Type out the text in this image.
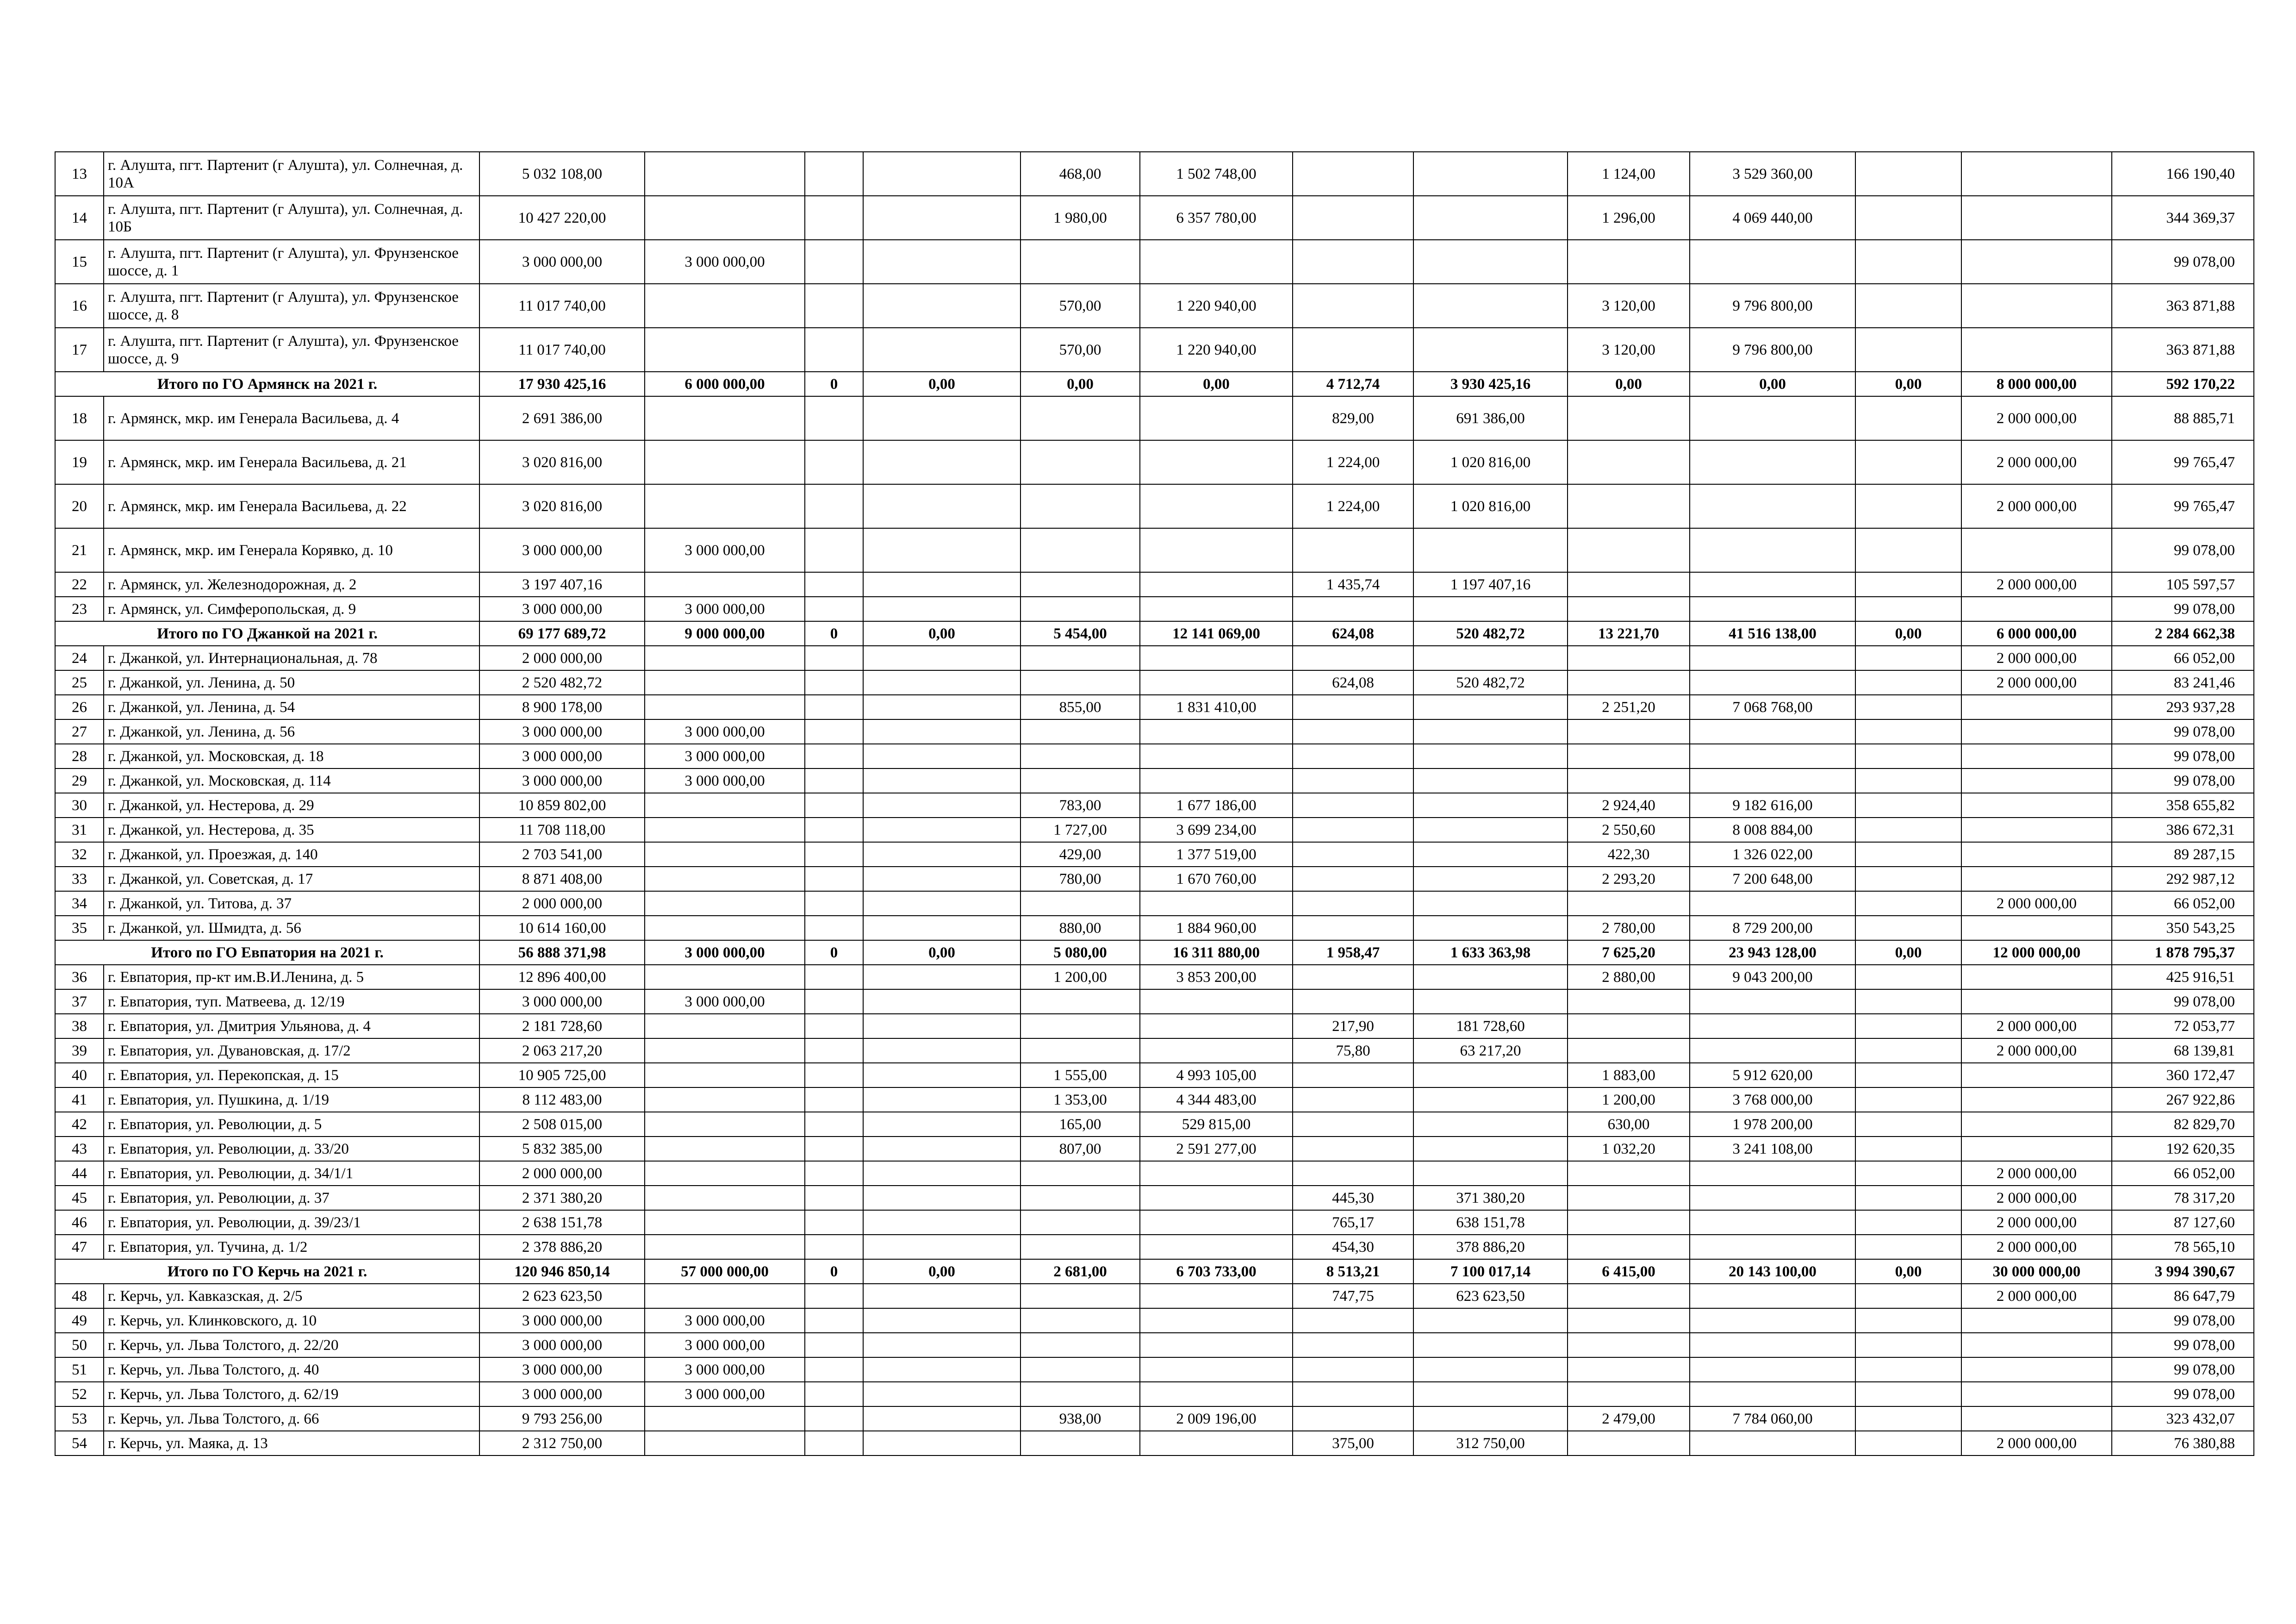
13	г. Алушта, пгт. Партенит (г Алушта), ул. Солнечная, д. 10А	5 032 108,00				468,00	1 502 748,00			1 124,00	3 529 360,00			166 190,40
14	г. Алушта, пгт. Партенит (г Алушта), ул. Солнечная, д. 10Б	10 427 220,00				1 980,00	6 357 780,00			1 296,00	4 069 440,00			344 369,37
15	г. Алушта, пгт. Партенит (г Алушта), ул. Фрунзенское шоссе, д. 1	3 000 000,00	3 000 000,00											99 078,00
16	г. Алушта, пгт. Партенит (г Алушта), ул. Фрунзенское шоссе, д. 8	11 017 740,00				570,00	1 220 940,00			3 120,00	9 796 800,00			363 871,88
17	г. Алушта, пгт. Партенит (г Алушта), ул. Фрунзенское шоссе, д. 9	11 017 740,00				570,00	1 220 940,00			3 120,00	9 796 800,00			363 871,88
Итого по ГО Армянск на 2021 г.		17 930 425,16	6 000 000,00	0	0,00	0,00	0,00	4 712,74	3 930 425,16	0,00	0,00	0,00	8 000 000,00	592 170,22
18	г. Армянск, мкр. им Генерала Васильева, д. 4	2 691 386,00						829,00	691 386,00				2 000 000,00	88 885,71
19	г. Армянск, мкр. им Генерала Васильева, д. 21	3 020 816,00						1 224,00	1 020 816,00				2 000 000,00	99 765,47
20	г. Армянск, мкр. им Генерала Васильева, д. 22	3 020 816,00						1 224,00	1 020 816,00				2 000 000,00	99 765,47
21	г. Армянск, мкр. им Генерала Корявко, д. 10	3 000 000,00	3 000 000,00											99 078,00
22	г. Армянск, ул. Железнодорожная, д. 2	3 197 407,16						1 435,74	1 197 407,16				2 000 000,00	105 597,57
23	г. Армянск, ул. Симферопольская, д. 9	3 000 000,00	3 000 000,00											99 078,00
Итого по ГО Джанкой на 2021 г.		69 177 689,72	9 000 000,00	0	0,00	5 454,00	12 141 069,00	624,08	520 482,72	13 221,70	41 516 138,00	0,00	6 000 000,00	2 284 662,38
24	г. Джанкой, ул. Интернациональная, д. 78	2 000 000,00											2 000 000,00	66 052,00
25	г. Джанкой, ул. Ленина, д. 50	2 520 482,72						624,08	520 482,72				2 000 000,00	83 241,46
26	г. Джанкой, ул. Ленина, д. 54	8 900 178,00				855,00	1 831 410,00			2 251,20	7 068 768,00			293 937,28
27	г. Джанкой, ул. Ленина, д. 56	3 000 000,00	3 000 000,00											99 078,00
28	г. Джанкой, ул. Московская, д. 18	3 000 000,00	3 000 000,00											99 078,00
29	г. Джанкой, ул. Московская, д. 114	3 000 000,00	3 000 000,00											99 078,00
30	г. Джанкой, ул. Нестерова, д. 29	10 859 802,00				783,00	1 677 186,00			2 924,40	9 182 616,00			358 655,82
31	г. Джанкой, ул. Нестерова, д. 35	11 708 118,00				1 727,00	3 699 234,00			2 550,60	8 008 884,00			386 672,31
32	г. Джанкой, ул. Проезжая, д. 140	2 703 541,00				429,00	1 377 519,00			422,30	1 326 022,00			89 287,15
33	г. Джанкой, ул. Советская, д. 17	8 871 408,00				780,00	1 670 760,00			2 293,20	7 200 648,00			292 987,12
34	г. Джанкой, ул. Титова, д. 37	2 000 000,00											2 000 000,00	66 052,00
35	г. Джанкой, ул. Шмидта, д. 56	10 614 160,00				880,00	1 884 960,00			2 780,00	8 729 200,00			350 543,25
Итого по ГО Евпатория на 2021 г.		56 888 371,98	3 000 000,00	0	0,00	5 080,00	16 311 880,00	1 958,47	1 633 363,98	7 625,20	23 943 128,00	0,00	12 000 000,00	1 878 795,37
36	г. Евпатория, пр-кт им.В.И.Ленина, д. 5	12 896 400,00				1 200,00	3 853 200,00			2 880,00	9 043 200,00			425 916,51
37	г. Евпатория, туп. Матвеева, д. 12/19	3 000 000,00	3 000 000,00											99 078,00
38	г. Евпатория, ул. Дмитрия Ульянова, д. 4	2 181 728,60						217,90	181 728,60				2 000 000,00	72 053,77
39	г. Евпатория, ул. Дувановская, д. 17/2	2 063 217,20						75,80	63 217,20				2 000 000,00	68 139,81
40	г. Евпатория, ул. Перекопская, д. 15	10 905 725,00				1 555,00	4 993 105,00			1 883,00	5 912 620,00			360 172,47
41	г. Евпатория, ул. Пушкина, д. 1/19	8 112 483,00				1 353,00	4 344 483,00			1 200,00	3 768 000,00			267 922,86
42	г. Евпатория, ул. Революции, д. 5	2 508 015,00				165,00	529 815,00			630,00	1 978 200,00			82 829,70
43	г. Евпатория, ул. Революции, д. 33/20	5 832 385,00				807,00	2 591 277,00			1 032,20	3 241 108,00			192 620,35
44	г. Евпатория, ул. Революции, д. 34/1/1	2 000 000,00											2 000 000,00	66 052,00
45	г. Евпатория, ул. Революции, д. 37	2 371 380,20						445,30	371 380,20				2 000 000,00	78 317,20
46	г. Евпатория, ул. Революции, д. 39/23/1	2 638 151,78						765,17	638 151,78				2 000 000,00	87 127,60
47	г. Евпатория, ул. Тучина, д. 1/2	2 378 886,20						454,30	378 886,20				2 000 000,00	78 565,10
Итого по ГО Керчь на 2021 г.		120 946 850,14	57 000 000,00	0	0,00	2 681,00	6 703 733,00	8 513,21	7 100 017,14	6 415,00	20 143 100,00	0,00	30 000 000,00	3 994 390,67
48	г. Керчь, ул. Кавказская, д. 2/5	2 623 623,50						747,75	623 623,50				2 000 000,00	86 647,79
49	г. Керчь, ул. Клинковского, д. 10	3 000 000,00	3 000 000,00											99 078,00
50	г. Керчь, ул. Льва Толстого, д. 22/20	3 000 000,00	3 000 000,00											99 078,00
51	г. Керчь, ул. Льва Толстого, д. 40	3 000 000,00	3 000 000,00											99 078,00
52	г. Керчь, ул. Льва Толстого, д. 62/19	3 000 000,00	3 000 000,00											99 078,00
53	г. Керчь, ул. Льва Толстого, д. 66	9 793 256,00				938,00	2 009 196,00			2 479,00	7 784 060,00			323 432,07
54	г. Керчь, ул. Маяка, д. 13	2 312 750,00						375,00	312 750,00				2 000 000,00	76 380,88
